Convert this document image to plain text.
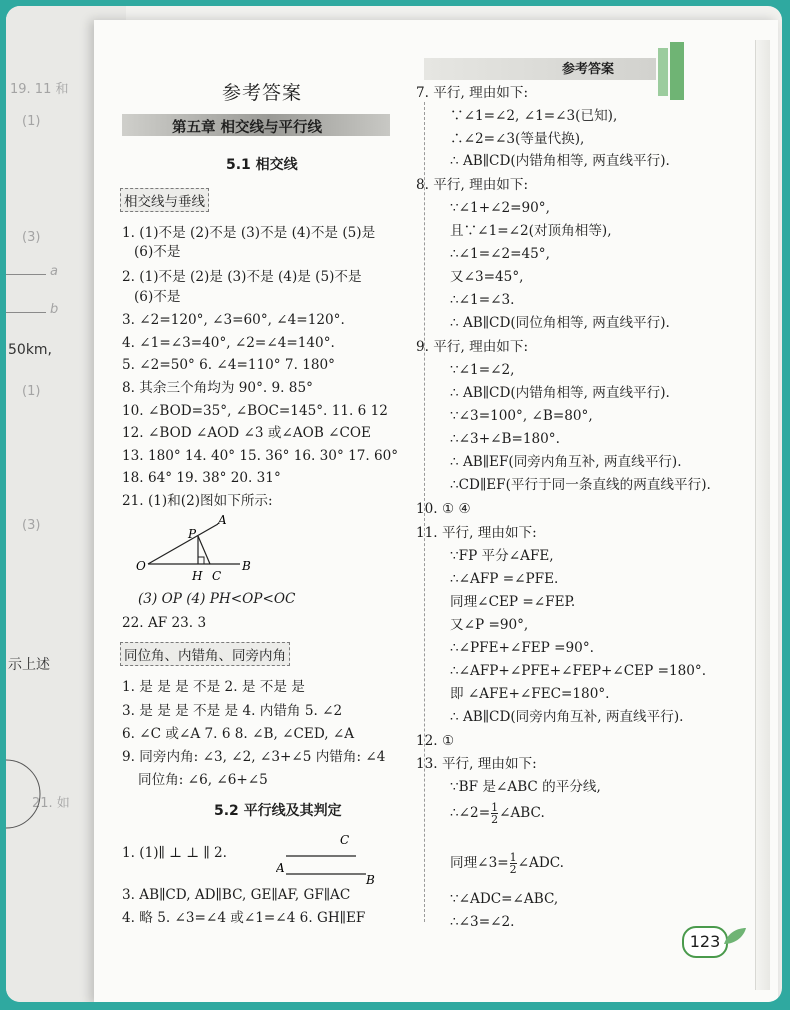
19. 11 和
(1)
(3)
a
b
50km,
(1)
(3)
示上述
21. 如
参考答案
参考答案
第五章 相交线与平行线
5.1 相交线
相交线与垂线
1. (1)不是 (2)不是 (3)不是 (4)不是 (5)是
(6)不是
2. (1)不是 (2)是 (3)不是 (4)是 (5)不是
(6)不是
3. ∠2=120°, ∠3=60°, ∠4=120°.
4. ∠1=∠3=40°, ∠2=∠4=140°.
5. ∠2=50° 6. ∠4=110° 7. 180°
8. 其余三个角均为 90°. 9. 85°
10. ∠BOD=35°, ∠BOC=145°. 11. 6 12
12. ∠BOD ∠AOD ∠3 或∠AOB ∠COE
13. 180° 14. 40° 15. 36° 16. 30° 17. 60°
18. 64° 19. 38° 20. 31°
21. (1)和(2)图如下所示:
A
P
O
H C
B
(3) OP (4) PH<OP<OC
22. AF 23. 3
同位角、内错角、同旁内角
1. 是 是 是 不是 2. 是 不是 是
3. 是 是 是 不是 是 4. 内错角 5. ∠2
6. ∠C 或∠A 7. 6 8. ∠B, ∠CED, ∠A
9. 同旁内角: ∠3, ∠2, ∠3+∠5 内错角: ∠4
同位角: ∠6, ∠6+∠5
5.2 平行线及其判定
1. (1)∥ ⊥ ⊥ ∥ 2.
A
C
B
3. AB∥CD, AD∥BC, GE∥AF, GF∥AC
4. 略 5. ∠3=∠4 或∠1=∠4 6. GH∥EF
7. 平行, 理由如下:
∵∠1=∠2, ∠1=∠3(已知),
∴∠2=∠3(等量代换),
∴ AB∥CD(内错角相等, 两直线平行).
8. 平行, 理由如下:
∵∠1+∠2=90°,
且∵∠1=∠2(对顶角相等),
∴∠1=∠2=45°,
又∠3=45°,
∴∠1=∠3.
∴ AB∥CD(同位角相等, 两直线平行).
9. 平行, 理由如下:
∵∠1=∠2,
∴ AB∥CD(内错角相等, 两直线平行).
∵∠3=100°, ∠B=80°,
∴∠3+∠B=180°.
∴ AB∥EF(同旁内角互补, 两直线平行).
∴CD∥EF(平行于同一条直线的两直线平行).
10. ① ④
11. 平行, 理由如下:
∵FP 平分∠AFE,
∴∠AFP =∠PFE.
同理∠CEP =∠FEP.
又∠P =90°,
∴∠PFE+∠FEP =90°.
∴∠AFP+∠PFE+∠FEP+∠CEP =180°.
即 ∠AFE+∠FEC=180°.
∴ AB∥CD(同旁内角互补, 两直线平行).
12. ①
13. 平行, 理由如下:
∵BF 是∠ABC 的平分线,
∴∠2= $\frac{1}{2}$ ∠ABC.
同理∠3= $\frac{1}{2}$ ∠ADC.
∵∠ADC=∠ABC,
∴∠3=∠2.
123
